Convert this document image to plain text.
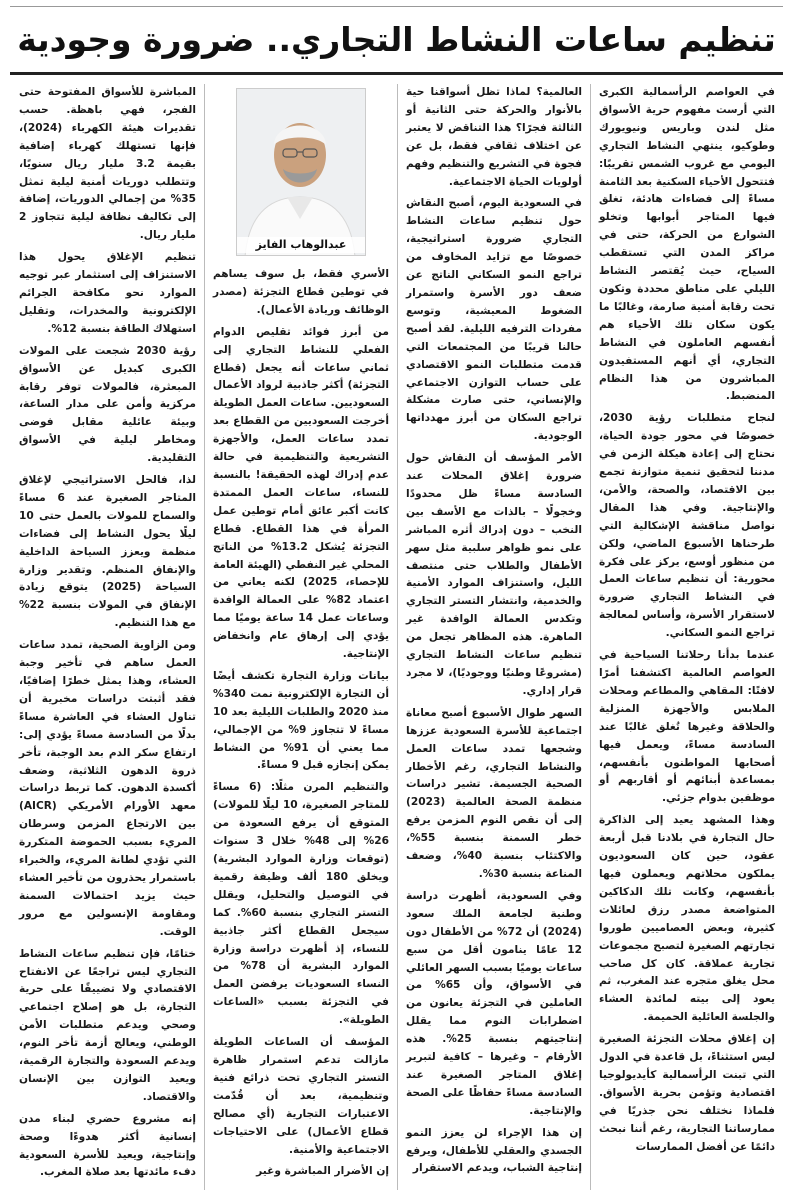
تنظيم ساعات النشاط التجاري.. ضرورة وجودية

في العواصم الرأسمالية الكبرى التي أرست مفهوم حرية الأسواق مثل لندن وباريس ونيويورك وطوكيو، ينتهي النشاط التجاري اليومي مع غروب الشمس تقريبًا: فتتحول الأحياء السكنية بعد الثامنة مساءً إلى فضاءات هادئة، تغلق فيها المتاجر أبوابها وتخلو الشوارع من الحركة، حتى في مراكز المدن التي تستقطب السياح، حيث يُقتصر النشاط الليلي على مناطق محددة وتكون تحت رقابة أمنية صارمة، وغالبًا ما يكون سكان تلك الأحياء هم أنفسهم العاملون في النشاط التجاري، أي أنهم المستفيدون المباشرون من هذا النظام المنضبط.

لنجاح متطلبات رؤية 2030، خصوصًا في محور جودة الحياة، نحتاج إلى إعادة هيكلة الزمن في مدننا لتحقيق تنمية متوازنة تجمع بين الاقتصاد، والصحة، والأمن، والإنتاجية. وفي هذا المقال نواصل مناقشة الإشكالية التي طرحناها الأسبوع الماضي، ولكن من منظور أوسع، يركز على فكرة محورية: أن تنظيم ساعات العمل في النشاط التجاري ضرورة لاستقرار الأسرة، وأساس لمعالجة تراجع النمو السكاني.

عندما بدأنا رحلاتنا السياحية في العواصم العالمية اكتشفنا أمرًا لافتًا: المقاهي والمطاعم ومحلات الملابس والأجهزة المنزلية والحلاقة وغيرها تُغلق غالبًا عند السادسة مساءً، ويعمل فيها أصحابها المواطنون بأنفسهم، بمساعدة أبنائهم أو أقاربهم أو موظفين بدوام جزئي.

وهذا المشهد يعيد إلى الذاكرة حال التجارة في بلادنا قبل أربعة عقود، حين كان السعوديون يملكون محلاتهم ويعملون فيها بأنفسهم، وكانت تلك الدكاكين المتواضعة مصدر رزق لعائلات كثيرة، وبعض العصاميين طوروا تجارتهم الصغيرة لتصبح مجموعات تجارية عملاقة. كان كل صاحب محل يغلق متجره عند المغرب، ثم يعود إلى بيته لمائدة العشاء والجلسة العائلية الحميمة.

إن إغلاق محلات التجزئة الصغيرة ليس استثناءً، بل قاعدة في الدول التي تبنت الرأسمالية كأيديولوجيا اقتصادية وتؤمن بحرية الأسواق. فلماذا نختلف نحن جذريًا في ممارساتنا التجارية، رغم أننا نبحث دائمًا عن أفضل الممارسات

العالمية؟ لماذا تظل أسواقنا حية بالأنوار والحركة حتى الثانية أو الثالثة فجرًا؟ هذا التناقض لا يعتبر عن اختلاف ثقافي فقط، بل عن فجوة في التشريع والتنظيم وفهم أولويات الحياة الاجتماعية.

في السعودية اليوم، أصبح النقاش حول تنظيم ساعات النشاط التجاري ضرورة استراتيجية، خصوصًا مع تزايد المخاوف من تراجع النمو السكاني الناتج عن ضعف دور الأسرة واستمرار الضغوط المعيشية، وتوسع مفردات الترفيه الليلية. لقد أصبح حالنا قريبًا من المجتمعات التي قدمت متطلبات النمو الاقتصادي على حساب التوازن الاجتماعي والإنساني، حتى صارت مشكلة تراجع السكان من أبرز مهدداتها الوجودية.

الأمر المؤسف أن النقاش حول ضرورة إغلاق المحلات عند السادسة مساءً ظل محدودًا وخجولًا – بالذات مع الأسف بين النخب – دون إدراك أثره المباشر على نمو ظواهر سلبية مثل سهر الأطفال والطلاب حتى منتصف الليل، واستنزاف الموارد الأمنية والخدمية، وانتشار التستر التجاري وتكدس العمالة الوافدة غير الماهرة. هذه المظاهر تجعل من تنظيم ساعات النشاط التجاري (مشروعًا وطنيًا ووجوديًا)، لا مجرد قرار إداري.

السهر طوال الأسبوع أصبح معاناة اجتماعية للأسرة السعودية عززها وشجعها تمدد ساعات العمل والنشاط التجاري، رغم الأخطار الصحية الجسيمة. تشير دراسات منظمة الصحة العالمية (2023) إلى أن نقص النوم المزمن يرفع خطر السمنة بنسبة 55%، والاكتئاب بنسبة 40%، وضعف المناعة بنسبة 30%.

وفي السعودية، أظهرت دراسة وطنية لجامعة الملك سعود (2024) أن 72% من الأطفال دون 12 عامًا ينامون أقل من سبع ساعات يوميًا بسبب السهر العائلي في الأسواق، وأن 65% من العاملين في التجزئة يعانون من اضطرابات النوم مما يقلل إنتاجيتهم بنسبة 25%. هذه الأرقام – وغيرها – كافية لتبرير إغلاق المتاجر الصغيرة عند السادسة مساءً حفاظًا على الصحة والإنتاجية.

إن هذا الإجراء لن يعزز النمو الجسدي والعقلي للأطفال، ويرفع إنتاجية الشباب، ويدعم الاستقرار

عبدالوهاب الفايز

الأسري فقط، بل سوف يساهم في توطين قطاع التجزئة (مصدر الوظائف وريادة الأعمال).

من أبرز فوائد تقليص الدوام الفعلي للنشاط التجاري إلى ثماني ساعات أنه يجعل (قطاع التجزئة) أكثر جاذبية لرواد الأعمال السعوديين. ساعات العمل الطويلة أخرجت السعوديين من القطاع بعد تمدد ساعات العمل، والأجهزة التشريعية والتنظيمية في حالة عدم إدراك لهذه الحقيقة! بالنسبة للنساء، ساعات العمل الممتدة كانت أكبر عائق أمام توطين عمل المرأة في هذا القطاع. قطاع التجزئة يُشكل 13.2% من الناتج المحلي غير النفطي (الهيئة العامة للإحصاء، 2025) لكنه يعاني من اعتماد 82% على العمالة الوافدة وساعات عمل 14 ساعة يوميًا مما يؤدي إلى إرهاق عام وانخفاض الإنتاجية.

بيانات وزارة التجارة تكشف أيضًا أن التجارة الإلكترونية نمت 340% منذ 2020 والطلبات الليلية بعد 10 مساءً لا تتجاوز 9% من الإجمالي، مما يعني أن 91% من النشاط يمكن إنجازه قبل 9 مساءً.

والتنظيم المرن مثلًا: (6 مساءً للمتاجر الصغيرة، 10 ليلًا للمولات) المتوقع أن يرفع السعودة من 26% إلى 48% خلال 3 سنوات (توقعات وزارة الموارد البشرية) ويخلق 180 ألف وظيفة رقمية في التوصيل والتحليل، ويقلل التستر التجاري بنسبة 60%. كما سيجعل القطاع أكثر جاذبية للنساء، إذ أظهرت دراسة وزارة الموارد البشرية أن 78% من النساء السعوديات يرفضن العمل في التجزئة بسبب «الساعات الطويلة».

المؤسف أن الساعات الطويلة مازالت تدعم استمرار ظاهرة التستر التجاري تحت ذرائع فنية وتنظيمية، بعد أن قُدّمت الاعتبارات التجارية (أي مصالح قطاع الأعمال) على الاحتياجات الاجتماعية والأمنية.

إن الأضرار المباشرة وغير

المباشرة للأسواق المفتوحة حتى الفجر، فهي باهظة. حسب تقديرات هيئة الكهرباء (2024)، فإنها تستهلك كهرباء إضافية بقيمة 3.2 مليار ريال سنويًا، وتتطلب دوريات أمنية ليلية تمثل 35% من إجمالي الدوريات، إضافة إلى تكاليف نظافة ليلية تتجاوز 2 مليار ريال.

تنظيم الإغلاق يحول هذا الاستنزاف إلى استثمار عبر توجيه الموارد نحو مكافحة الجرائم الإلكترونية والمخدرات، وتقليل استهلاك الطاقة بنسبة 12%.

رؤية 2030 شجعت على المولات الكبرى كبديل عن الأسواق المبعثرة، فالمولات توفر رقابة مركزية وأمن على مدار الساعة، وبيئة عائلية مقابل فوضى ومخاطر ليلية في الأسواق التقليدية.

لذا، فالحل الاستراتيجي لإغلاق المتاجر الصغيرة عند 6 مساءً والسماح للمولات بالعمل حتى 10 ليلًا يحول النشاط إلى فضاءات منظمة ويعزز السياحة الداخلية والإنفاق المنظم. وتقدير وزارة السياحة (2025) يتوقع زيادة الإنفاق في المولات بنسبة 22% مع هذا التنظيم.

ومن الزاوية الصحية، تمدد ساعات العمل ساهم في تأخير وجبة العشاء، وهذا يمثل خطرًا إضافيًا، فقد أثبتت دراسات مخبرية أن تناول العشاء في العاشرة مساءً بدلًا من السادسة مساءً يؤدي إلى: ارتفاع سكر الدم بعد الوجبة، تأخر ذروة الدهون الثلاثية، وضعف أكسدة الدهون. كما تربط دراسات معهد الأورام الأمريكي (AICR) بين الارتجاع المزمن وسرطان المريء بسبب الحموضة المتكررة التي تؤدي لطانة المريء، والخبراء باستمرار يحذرون من تأخير العشاء حيث يزيد احتمالات السمنة ومقاومة الإنسولين مع مرور الوقت.

ختامًا، فإن تنظيم ساعات النشاط التجاري ليس تراجعًا عن الانفتاح الاقتصادي ولا تضييقًا على حرية التجارة، بل هو إصلاح اجتماعي وصحي ويدعم متطلبات الأمن الوطني، ويعالج أزمة تأخر النوم، ويدعم السعودة والتجارة الرقمية، ويعيد التوازن بين الإنسان والاقتصاد.

إنه مشروع حضري لبناء مدن إنسانية أكثر هدوءًا وصحة وإنتاجية، ويعيد للأسرة السعودية دفء مائدتها بعد صلاة المغرب.
